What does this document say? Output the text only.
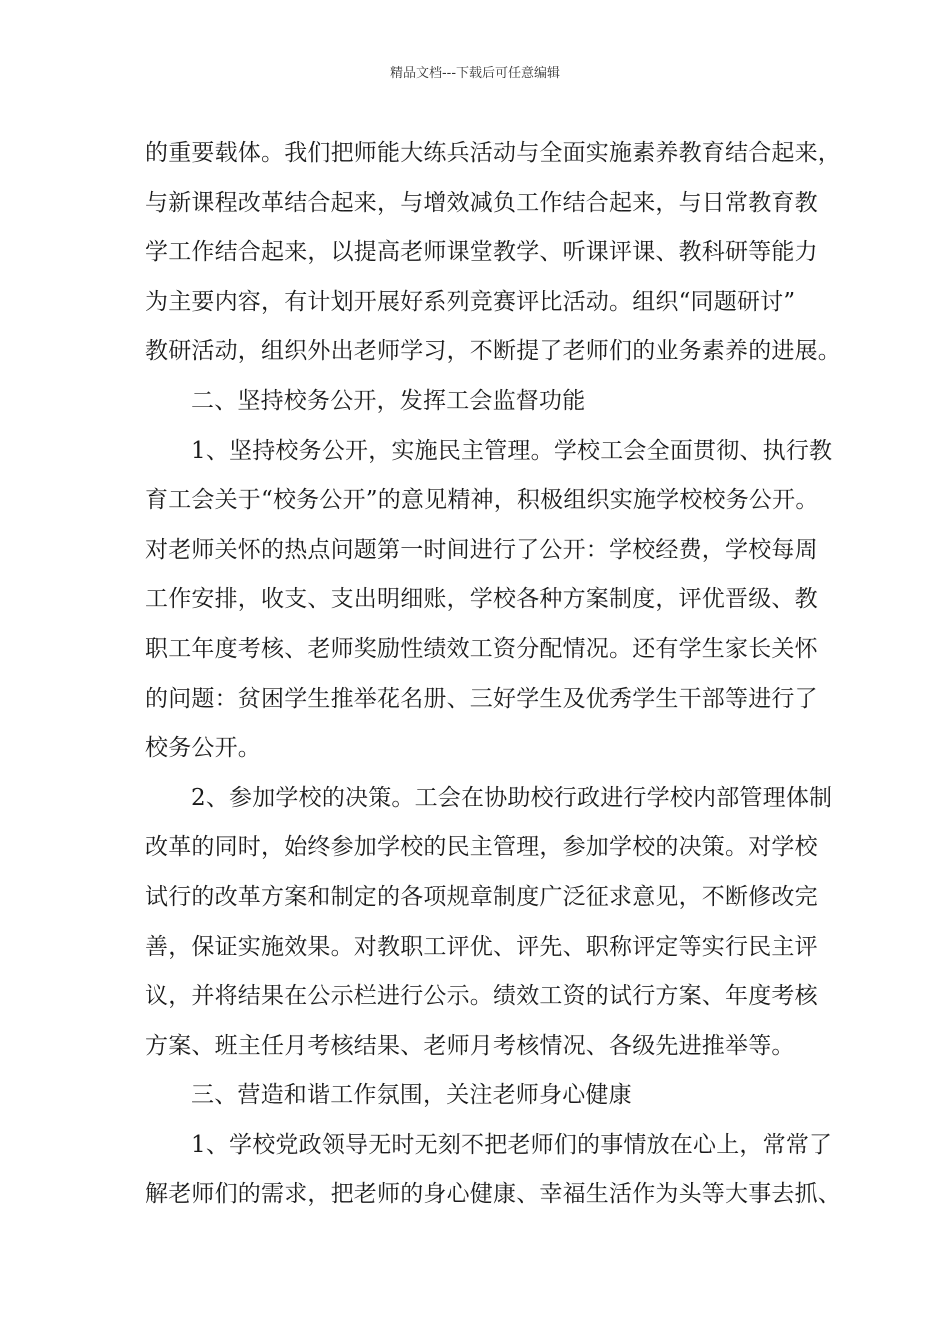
精品文档---下载后可任意编辑
的重要载体。我们把师能大练兵活动与全面实施素养教育结合起来，
与新课程改革结合起来，与增效减负工作结合起来，与日常教育教
学工作结合起来，以提高老师课堂教学、听课评课、教科研等能力
为主要内容，有计划开展好系列竞赛评比活动。组织“同题研讨”
教研活动，组织外出老师学习，不断提了老师们的业务素养的进展。
二、坚持校务公开，发挥工会监督功能
1、坚持校务公开，实施民主管理。学校工会全面贯彻、执行教
育工会关于“校务公开”的意见精神，积极组织实施学校校务公开。
对老师关怀的热点问题第一时间进行了公开：学校经费，学校每周
工作安排，收支、支出明细账，学校各种方案制度，评优晋级、教
职工年度考核、老师奖励性绩效工资分配情况。还有学生家长关怀
的问题：贫困学生推举花名册、三好学生及优秀学生干部等进行了
校务公开。
2、参加学校的决策。工会在协助校行政进行学校内部管理体制
改革的同时，始终参加学校的民主管理，参加学校的决策。对学校
试行的改革方案和制定的各项规章制度广泛征求意见，不断修改完
善，保证实施效果。对教职工评优、评先、职称评定等实行民主评
议，并将结果在公示栏进行公示。绩效工资的试行方案、年度考核
方案、班主任月考核结果、老师月考核情况、各级先进推举等。
三、营造和谐工作氛围，关注老师身心健康
1、学校党政领导无时无刻不把老师们的事情放在心上，常常了
解老师们的需求，把老师的身心健康、幸福生活作为头等大事去抓、
